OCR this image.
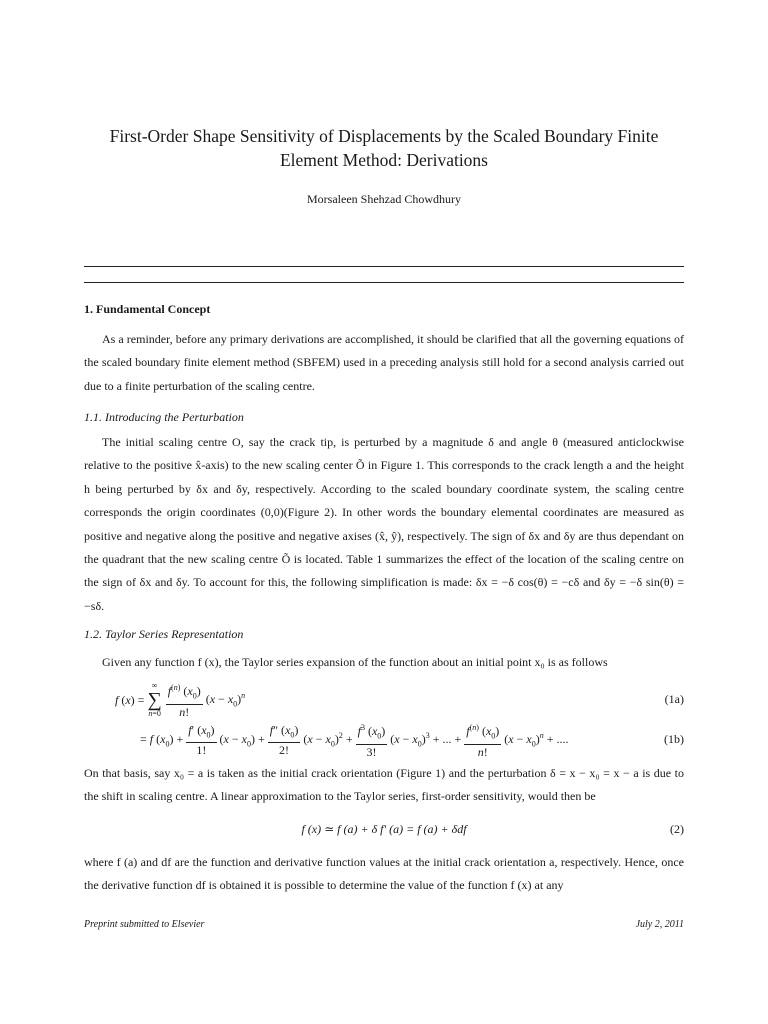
First-Order Shape Sensitivity of Displacements by the Scaled Boundary Finite
Element Method: Derivations
Morsaleen Shehzad Chowdhury
1. Fundamental Concept
As a reminder, before any primary derivations are accomplished, it should be clarified that all the governing equations of the scaled boundary finite element method (SBFEM) used in a preceding analysis still hold for a second analysis carried out due to a finite perturbation of the scaling centre.
1.1. Introducing the Perturbation
The initial scaling centre O, say the crack tip, is perturbed by a magnitude δ and angle θ (measured anticlockwise relative to the positive x̂-axis) to the new scaling center Õ in Figure 1. This corresponds to the crack length a and the height h being perturbed by δx and δy, respectively. According to the scaled boundary coordinate system, the scaling centre corresponds the origin coordinates (0,0)(Figure 2). In other words the boundary elemental coordinates are measured as positive and negative along the positive and negative axises (x̂, ŷ), respectively. The sign of δx and δy are thus dependant on the quadrant that the new scaling centre Õ is located. Table 1 summarizes the effect of the location of the scaling centre on the sign of δx and δy. To account for this, the following simplification is made: δx = −δ cos(θ) = −cδ and δy = −δ sin(θ) = −sδ.
1.2. Taylor Series Representation
Given any function f (x), the Taylor series expansion of the function about an initial point x₀ is as follows
f (x) =
∞
∑
$n=0 \frac{f^{(n)} (x_0)}{n!} (x - x_0)^n$	(1a)
= f $(x_0) + \frac{f' (x_0)}{1!} (x - x_0) + \frac{f'' (x_0)}{2!} (x - x_0)^2 + \frac{f^3 (x_0)}{3!} (x - x_0)^3$ + ... + $\frac{f^{(n)} (x_0)}{n!} (x - x_0)^n$ + ....	(1b)
On that basis, say x₀ = a is taken as the initial crack orientation (Figure 1) and the perturbation δ = x − x₀ = x − a is due to the shift in scaling centre. A linear approximation to the Taylor series, first-order sensitivity, would then be
f (x) ≃ f (a) + δ f′ (a) = f (a) + δdf	(2)
where f (a) and df are the function and derivative function values at the initial crack orientation a, respectively. Hence, once the derivative function df is obtained it is possible to determine the value of the function f (x) at any
Preprint submitted to Elsevier	July 2, 2011
